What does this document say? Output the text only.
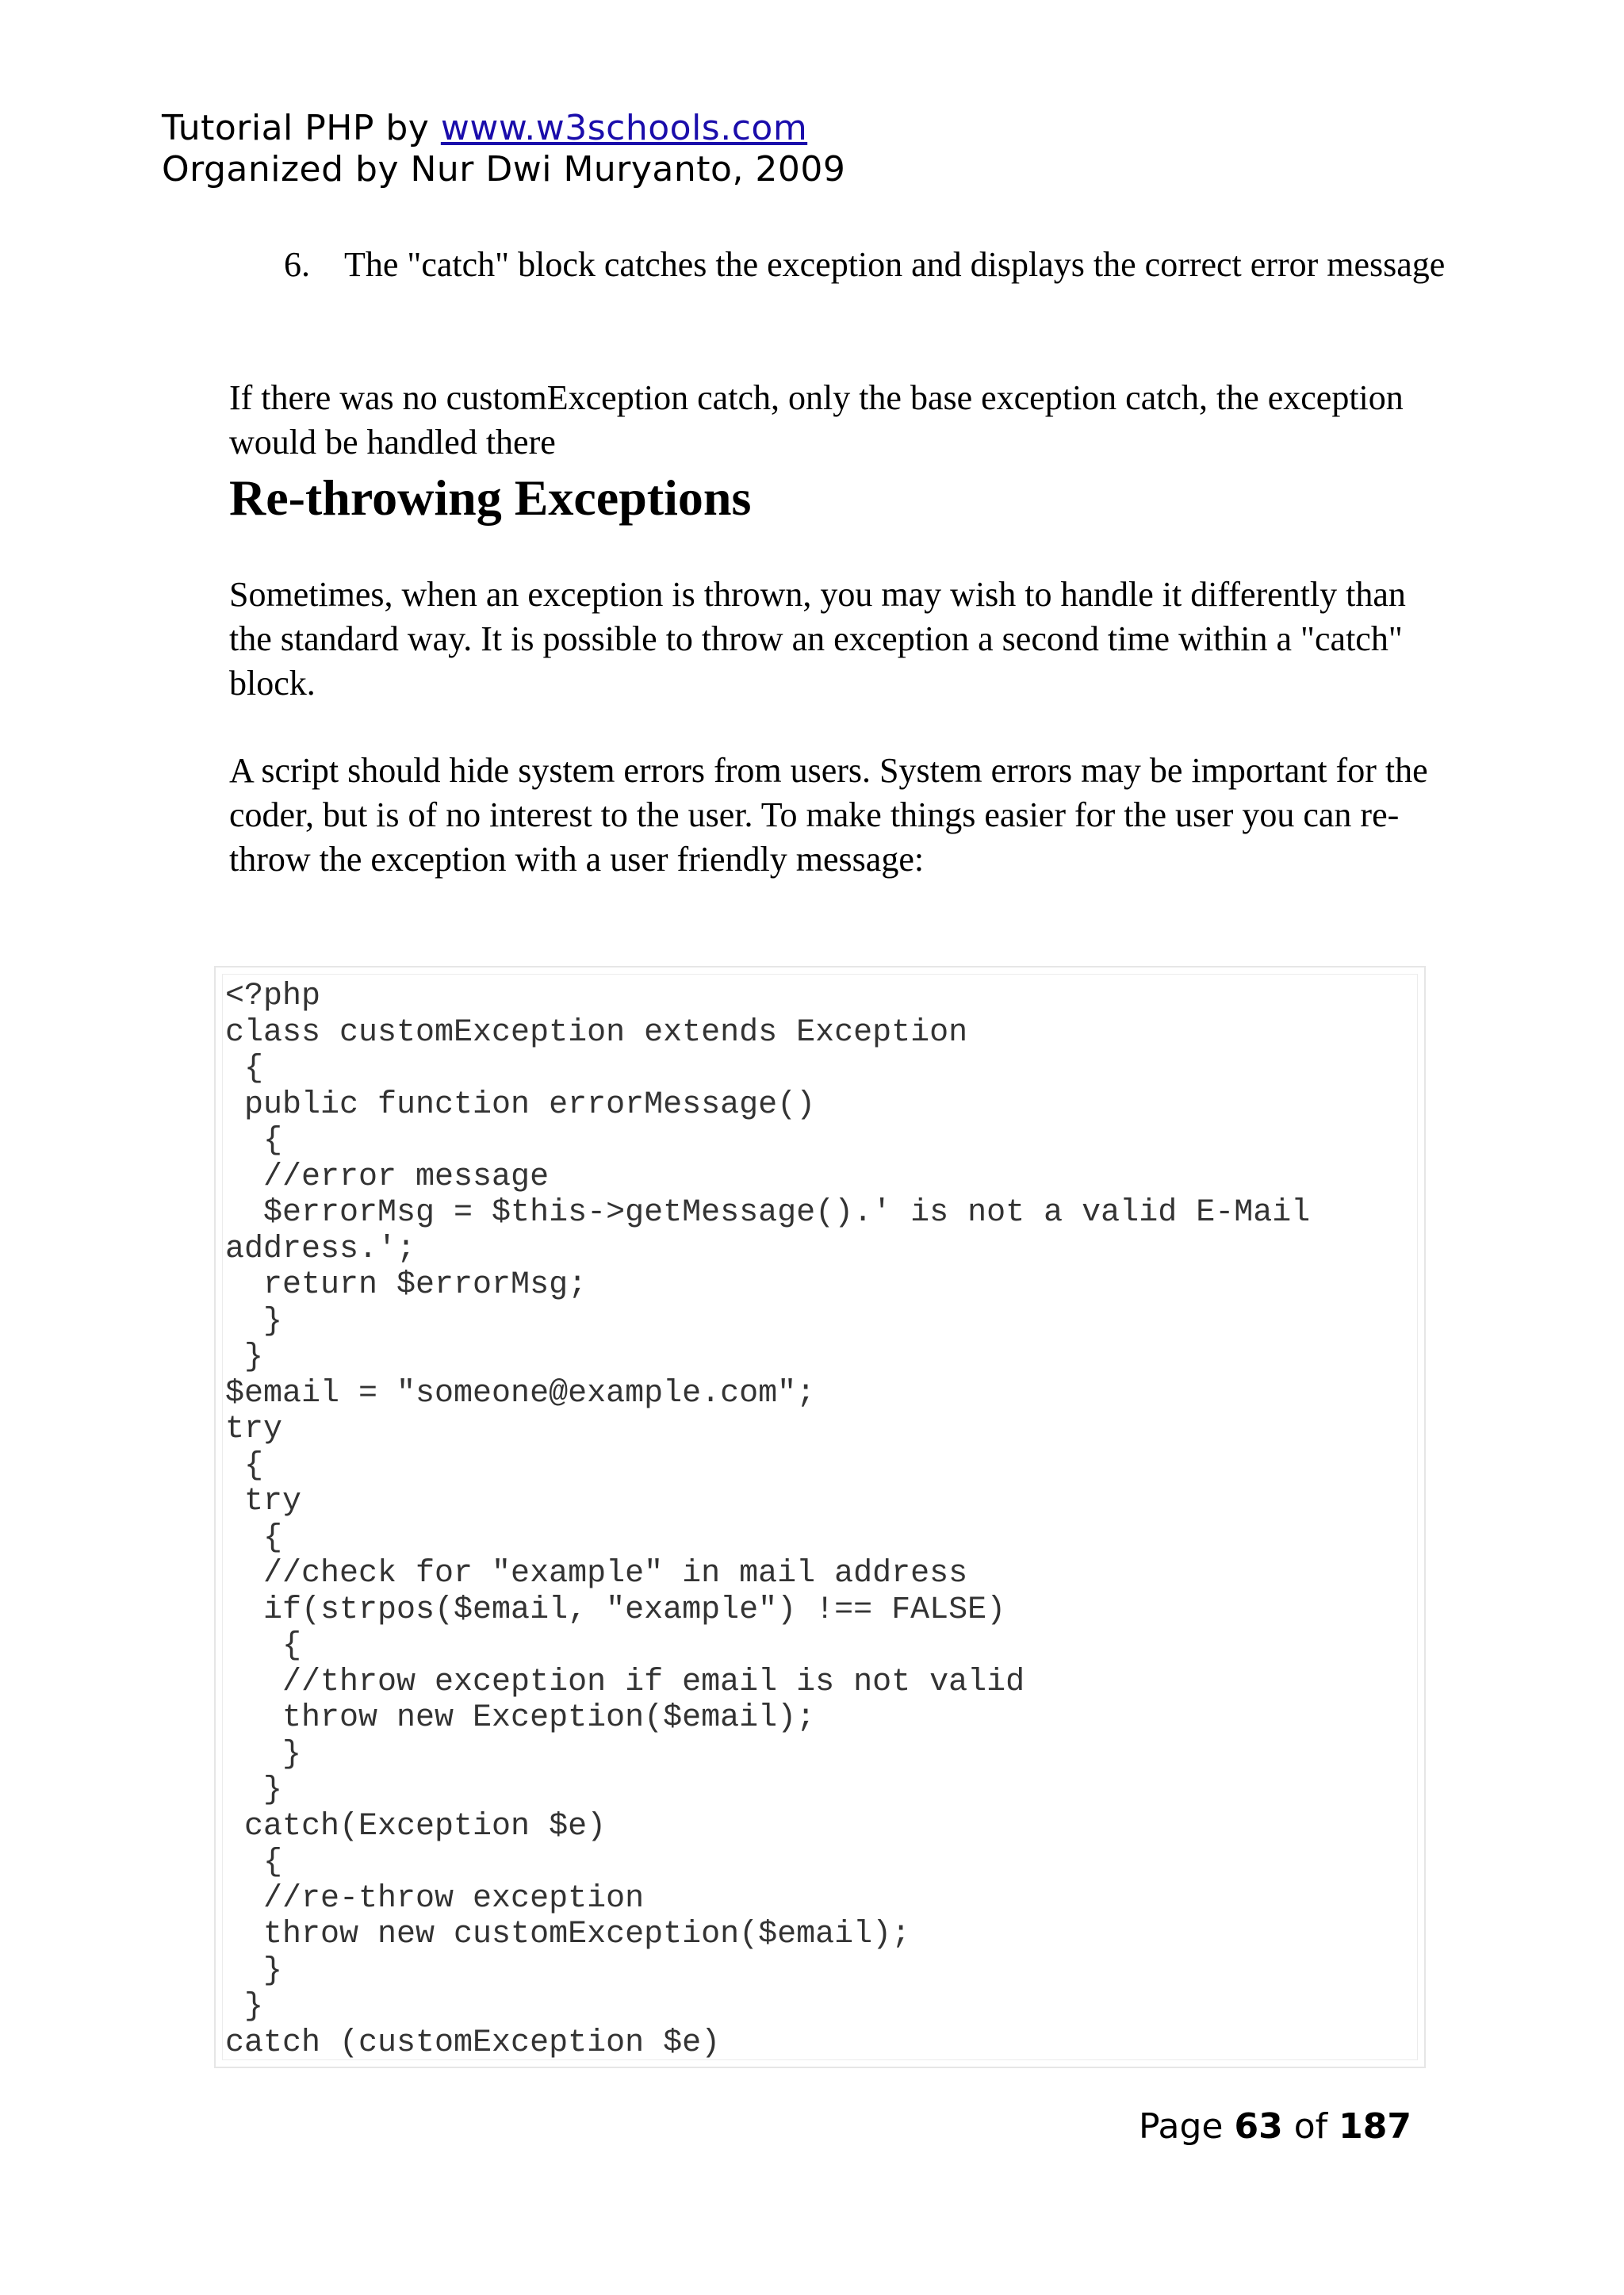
Tutorial PHP by www.w3schools.com
Organized by Nur Dwi Muryanto, 2009
6. The "catch" block catches the exception and displays the correct error message

If there was no customException catch, only the base exception catch, the exception would be handled there

Re-throwing Exceptions

Sometimes, when an exception is thrown, you may wish to handle it differently than the standard way. It is possible to throw an exception a second time within a "catch" block.

A script should hide system errors from users. System errors may be important for the coder, but is of no interest to the user. To make things easier for the user you can re-throw the exception with a user friendly message:

<?php
class customException extends Exception
{
public function errorMessage()
{
//error message
$errorMsg = $this->getMessage().' is not a valid E-Mail
address.';
return $errorMsg;
}
}
$email = "someone@example.com";
try
{
try
{
//check for "example" in mail address
if(strpos($email, "example") !== FALSE)
{
//throw exception if email is not valid
throw new Exception($email);
}
}
catch(Exception $e)
{
//re-throw exception
throw new customException($email);
}
}
catch (customException $e)
Page 63 of 187
